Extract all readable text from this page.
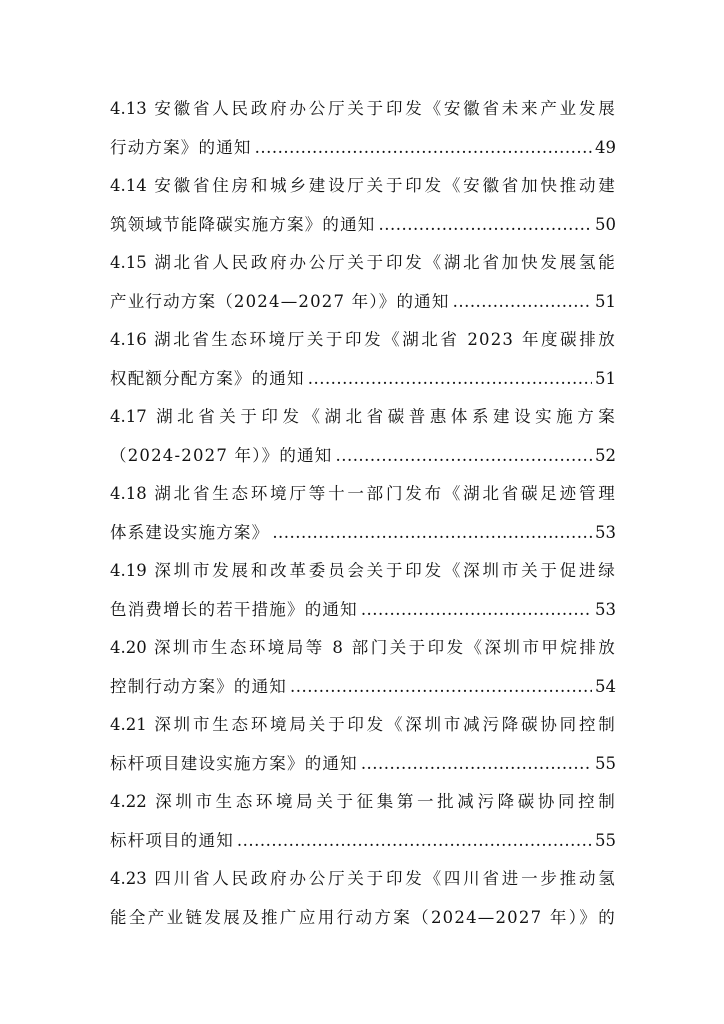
4.13 安徽省人民政府办公厅关于印发《安徽省未来产业发展
行动方案》的通知 .....	49
4.14 安徽省住房和城乡建设厅关于印发《安徽省加快推动建
筑领域节能降碳实施方案》的通知 .....	50
4.15 湖北省人民政府办公厅关于印发《湖北省加快发展氢能
产业行动方案（2024—2027 年）》的通知 .....	51
4.16 湖北省生态环境厅关于印发《湖北省 2023 年度碳排放
权配额分配方案》的通知 .....	51
4.17 湖北省关于印发《湖北省碳普惠体系建设实施方案
（2024-2027 年）》的通知 .....	52
4.18 湖北省生态环境厅等十一部门发布《湖北省碳足迹管理
体系建设实施方案》 .....	53
4.19 深圳市发展和改革委员会关于印发《深圳市关于促进绿
色消费增长的若干措施》的通知 .....	53
4.20 深圳市生态环境局等 8 部门关于印发《深圳市甲烷排放
控制行动方案》的通知 .....	54
4.21 深圳市生态环境局关于印发《深圳市减污降碳协同控制
标杆项目建设实施方案》的通知 .....	55
4.22 深圳市生态环境局关于征集第一批减污降碳协同控制
标杆项目的通知 .....	55
4.23 四川省人民政府办公厅关于印发《四川省进一步推动氢
能全产业链发展及推广应用行动方案（2024—2027 年）》的
